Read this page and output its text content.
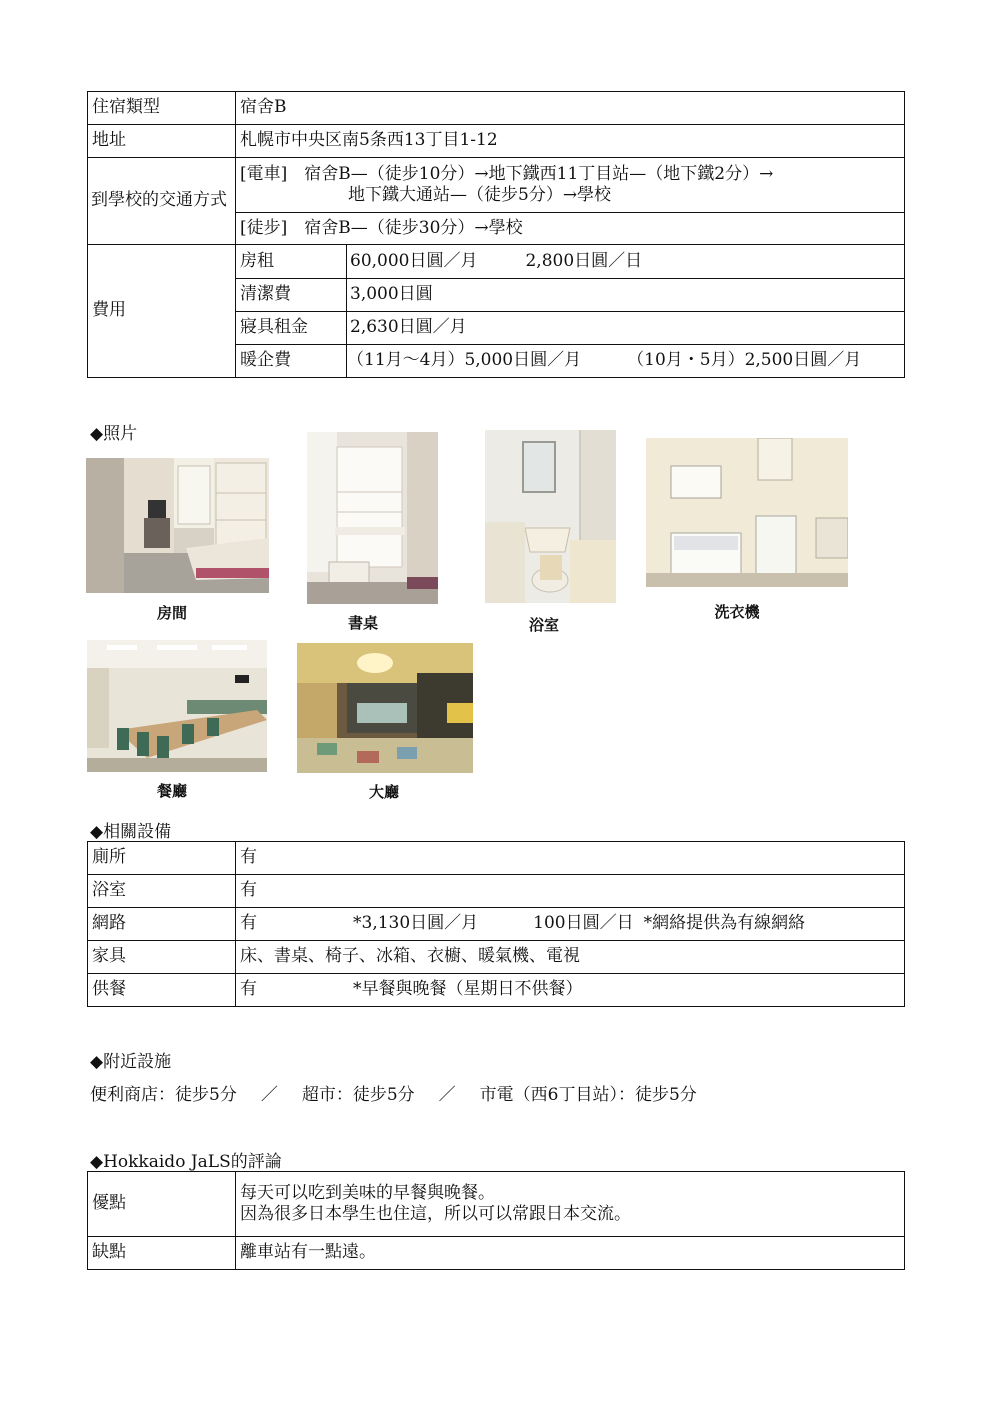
住宿類型	宿舍B	
地址	札幌市中央区南5条西13丁目1-12	
到學校的交通方式	[電車]　宿舍B—（徒步10分）→地下鐵西11丁目站—（地下鐵2分）→
地下鐵大通站—（徒步5分）→學校	

	[徒步]　宿舍B—（徒步30分）→學校	
費用	房租	60,000日圓／月 2,800日圓／日
	清潔費	3,000日圓
	寢具租金	2,630日圓／月
	暖企費	（11月～4月）5,000日圓／月 （10月・5月）2,500日圓／月
◆照片
房間
書桌	浴室
洗衣機
餐廳	大廳
◆相關設備
廁所	有
浴室	有
網路	有 *3,130日圓／月 100日圓／日 *網絡提供為有線網絡
家具	床、書桌、椅子、冰箱、衣櫥、暖氣機、電視
供餐	有 *早餐與晚餐（星期日不供餐）
◆附近設施
便利商店：徒步5分 ／ 超市：徒步5分 ／ 市電（西6丁目站）：徒步5分
◆Hokkaido JaLS的評論
優點	每天可以吃到美味的早餐與晚餐。
因為很多日本學生也住這，所以可以常跟日本交流。

缺點	離車站有一點遠。
